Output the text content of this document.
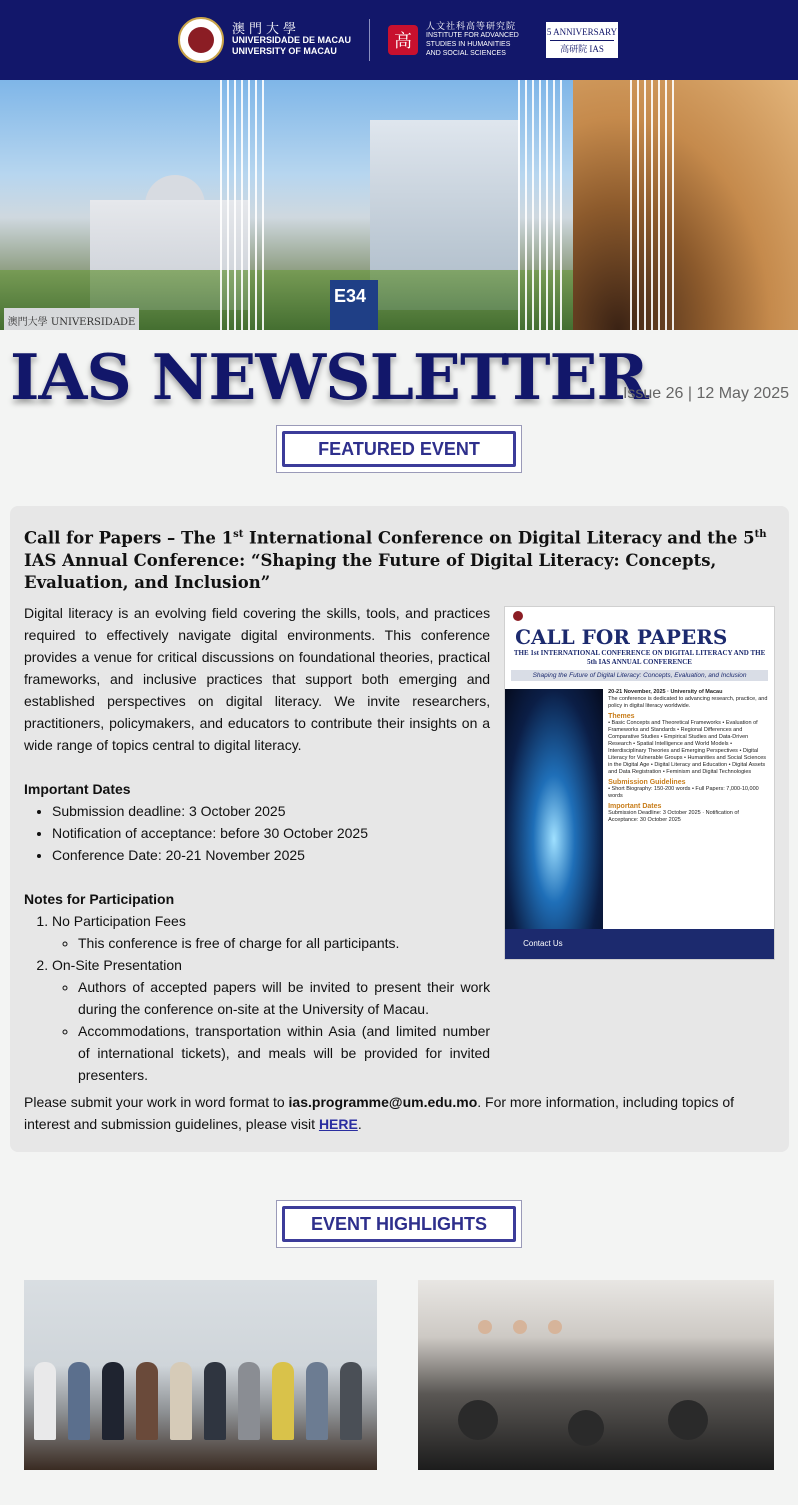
澳門大學
UNIVERSIDADE DE MACAU
UNIVERSITY OF MACAU	高
人文社科高等研究院
INSTITUTE FOR ADVANCED STUDIES IN HUMANITIES AND SOCIAL SCIENCES
5 ANNIVERSARY
高研院 IAS
E34
澳門大學 UNIVERSIDADE
IAS NEWSLETTER
Issue 26 | 12 May 2025
FEATURED EVENT
Call for Papers – The 1st International Conference on Digital Literacy and the 5th IAS Annual Conference: “Shaping the Future of Digital Literacy: Concepts, Evaluation, and Inclusion”

Digital literacy is an evolving field covering the skills, tools, and practices required to effectively navigate digital environments. This conference provides a venue for critical discussions on foundational theories, practical frameworks, and inclusive practices that support both emerging and established perspectives on digital literacy. We invite researchers, practitioners, policymakers, and educators to contribute their insights on a wide range of topics central to digital literacy.

Important Dates
• Submission deadline: 3 October 2025
• Notification of acceptance: before 30 October 2025
• Conference Date: 20-21 November 2025
Notes for Participation
1. No Participation Fees
◦ This conference is free of charge for all participants.
2. On-Site Presentation
◦ Authors of accepted papers will be invited to present their work during the conference on-site at the University of Macau.
◦ Accommodations, transportation within Asia (and limited number of international tickets), and meals will be provided for invited presenters.
CALL FOR PAPERS
THE 1st INTERNATIONAL CONFERENCE ON DIGITAL LITERACY AND THE 5th IAS ANNUAL CONFERENCE
Shaping the Future of Digital Literacy: Concepts, Evaluation, and Inclusion
20-21 November, 2025 · University of Macau
The conference is dedicated to advancing research, practice, and policy in digital literacy worldwide.
Themes
• Basic Concepts and Theoretical Frameworks • Evaluation of Frameworks and Standards • Regional Differences and Comparative Studies • Empirical Studies and Data-Driven Research • Spatial Intelligence and World Models • Interdisciplinary Theories and Emerging Perspectives • Digital Literacy for Vulnerable Groups • Humanities and Social Sciences in the Digital Age • Digital Literacy and Education • Digital Assets and Data Registration • Feminism and Digital Technologies
Submission Guidelines
• Short Biography: 150-200 words • Full Papers: 7,000-10,000 words
Important Dates
Submission Deadline: 3 October 2025 · Notification of Acceptance: 30 October 2025
Contact Us
Please submit your work in word format to ias.programme@um.edu.mo. For more information, including topics of interest and submission guidelines, please visit HERE.
EVENT HIGHLIGHTS
